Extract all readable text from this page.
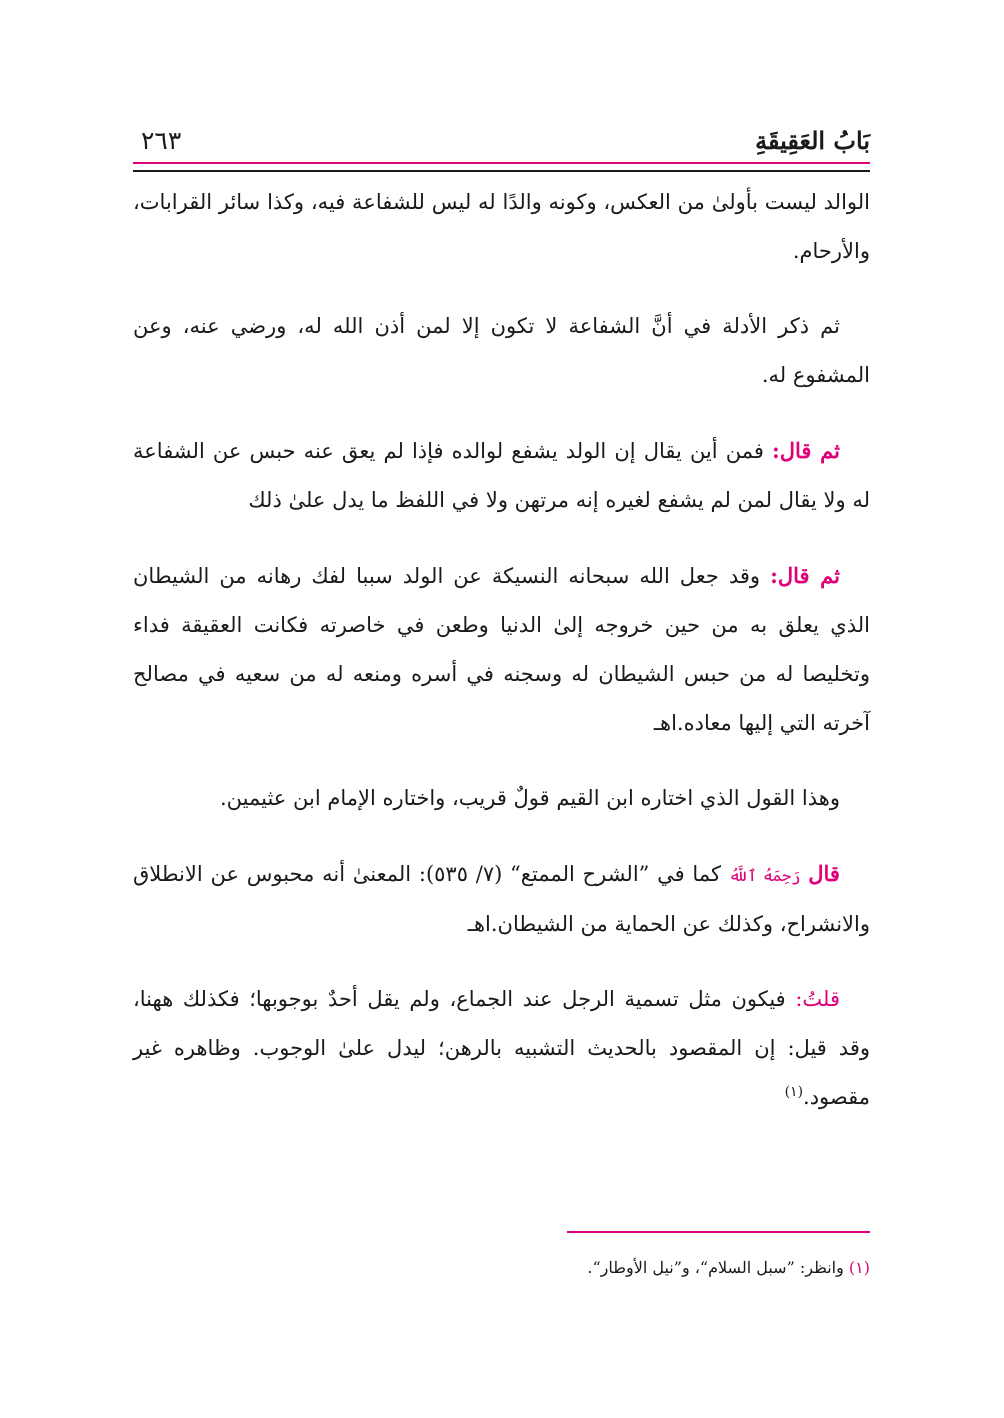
بَابُ العَقِيقَةِ
٢٦٣

الوالد ليست بأولىٰ من العكس، وكونه والدًا له ليس للشفاعة فيه، وكذا سائر القرابات، والأرحام.

ثم ذكر الأدلة في أنَّ الشفاعة لا تكون إلا لمن أذن الله له، ورضي عنه، وعن المشفوع له.

ثم قال: فمن أين يقال إن الولد يشفع لوالده فإذا لم يعق عنه حبس عن الشفاعة له ولا يقال لمن لم يشفع لغيره إنه مرتهن ولا في اللفظ ما يدل علىٰ ذلك

ثم قال: وقد جعل الله سبحانه النسيكة عن الولد سببا لفك رهانه من الشيطان الذي يعلق به من حين خروجه إلىٰ الدنيا وطعن في خاصرته فكانت العقيقة فداء وتخليصا له من حبس الشيطان له وسجنه في أسره ومنعه له من سعيه في مصالح آخرته التي إليها معاده.اهـ

وهذا القول الذي اختاره ابن القيم قولٌ قريب، واختاره الإمام ابن عثيمين.

قال رَحِمَهُ ٱللَّهُ كما في ”الشرح الممتع“ (٧/ ٥٣٥): المعنىٰ أنه محبوس عن الانطلاق والانشراح، وكذلك عن الحماية من الشيطان.اهـ

قلتُ: فيكون مثل تسمية الرجل عند الجماع، ولم يقل أحدٌ بوجوبها؛ فكذلك ههنا، وقد قيل: إن المقصود بالحديث التشبيه بالرهن؛ ليدل علىٰ الوجوب. وظاهره غير مقصود.$^{(١)}$

(١) وانظر: ”سبل السلام“، و”نيل الأوطار“.
